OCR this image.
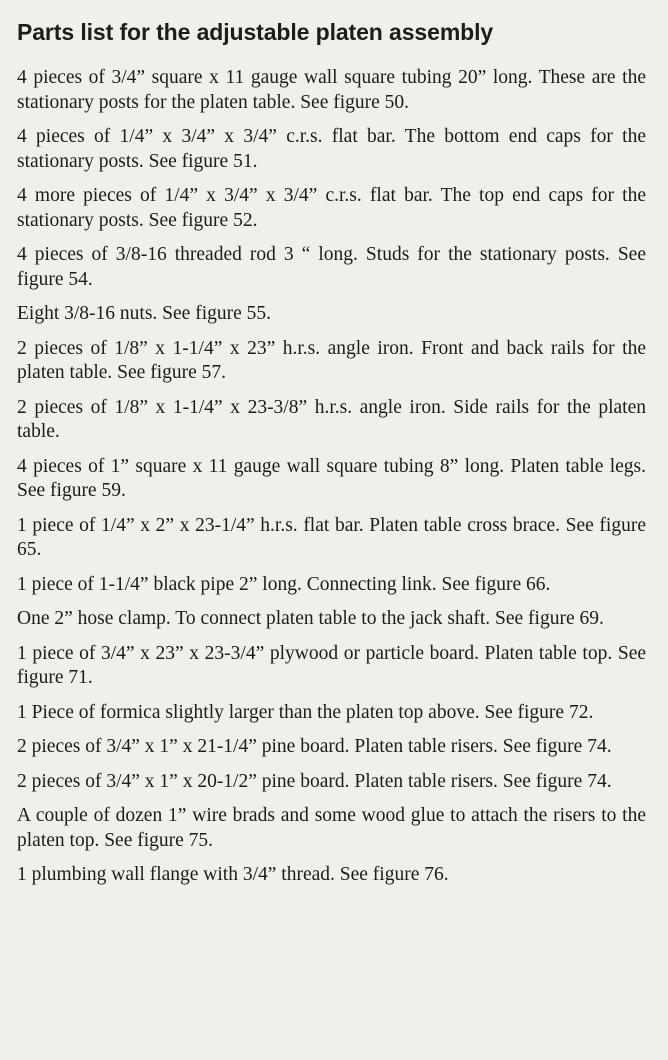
Parts list for the adjustable platen assembly

4 pieces of 3/4” square x 11 gauge wall square tubing 20” long. These are the stationary posts for the platen table. See figure 50.

4 pieces of 1/4” x 3/4” x 3/4” c.r.s. flat bar. The bottom end caps for the stationary posts. See figure 51.

4 more pieces of 1/4” x 3/4” x 3/4” c.r.s. flat bar. The top end caps for the stationary posts. See figure 52.

4 pieces of 3/8-16 threaded rod 3 “ long. Studs for the stationary posts. See figure 54.

Eight 3/8-16 nuts. See figure 55.

2 pieces of 1/8” x 1-1/4” x 23” h.r.s. angle iron. Front and back rails for the platen table. See figure 57.

2 pieces of 1/8” x 1-1/4” x 23-3/8” h.r.s. angle iron. Side rails for the platen table.

4 pieces of 1” square x 11 gauge wall square tubing 8” long. Platen table legs. See figure 59.

1 piece of 1/4” x 2” x 23-1/4” h.r.s. flat bar. Platen table cross brace. See figure 65.

1 piece of 1-1/4” black pipe 2” long. Connecting link. See figure 66.

One 2” hose clamp. To connect platen table to the jack shaft. See figure 69.

1 piece of 3/4” x 23” x 23-3/4” plywood or particle board. Platen table top. See figure 71.

1 Piece of formica slightly larger than the platen top above. See figure 72.

2 pieces of 3/4” x 1” x 21-1/4” pine board. Platen table risers. See figure 74.

2 pieces of 3/4” x 1” x 20-1/2” pine board. Platen table risers. See figure 74.

A couple of dozen 1” wire brads and some wood glue to attach the risers to the platen top. See figure 75.

1 plumbing wall flange with 3/4” thread. See figure 76.
